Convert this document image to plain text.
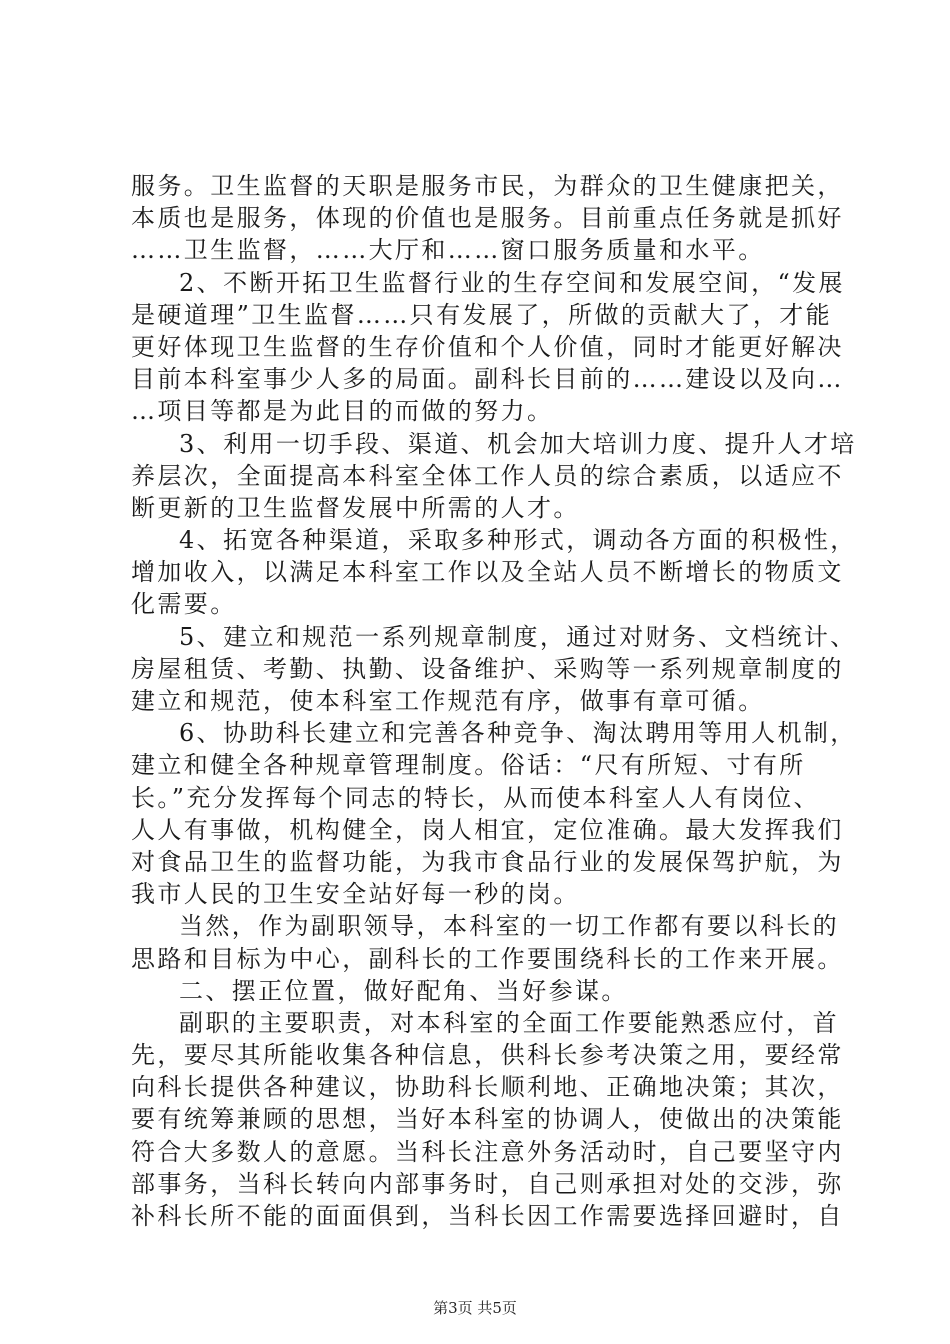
服务。卫生监督的天职是服务市民，为群众的卫生健康把关，
本质也是服务，体现的价值也是服务。目前重点任务就是抓好
……卫生监督，……大厅和……窗口服务质量和水平。
2、不断开拓卫生监督行业的生存空间和发展空间，“发展
是硬道理”卫生监督……只有发展了，所做的贡献大了，才能
更好体现卫生监督的生存价值和个人价值，同时才能更好解决
目前本科室事少人多的局面。副科长目前的……建设以及向…
…项目等都是为此目的而做的努力。
3、利用一切手段、渠道、机会加大培训力度、提升人才培
养层次，全面提高本科室全体工作人员的综合素质，以适应不
断更新的卫生监督发展中所需的人才。
4、拓宽各种渠道，采取多种形式，调动各方面的积极性，
增加收入，以满足本科室工作以及全站人员不断增长的物质文
化需要。
5、建立和规范一系列规章制度，通过对财务、文档统计、
房屋租赁、考勤、执勤、设备维护、采购等一系列规章制度的
建立和规范，使本科室工作规范有序，做事有章可循。
6、协助科长建立和完善各种竞争、淘汰聘用等用人机制，
建立和健全各种规章管理制度。俗话：“尺有所短、寸有所
长。”充分发挥每个同志的特长，从而使本科室人人有岗位、
人人有事做，机构健全，岗人相宜，定位准确。最大发挥我们
对食品卫生的监督功能，为我市食品行业的发展保驾护航，为
我市人民的卫生安全站好每一秒的岗。
当然，作为副职领导，本科室的一切工作都有要以科长的
思路和目标为中心，副科长的工作要围绕科长的工作来开展。
二、摆正位置，做好配角、当好参谋。
副职的主要职责，对本科室的全面工作要能熟悉应付，首
先，要尽其所能收集各种信息，供科长参考决策之用，要经常
向科长提供各种建议，协助科长顺利地、正确地决策；其次，
要有统筹兼顾的思想，当好本科室的协调人，使做出的决策能
符合大多数人的意愿。当科长注意外务活动时，自己要坚守内
部事务，当科长转向内部事务时，自己则承担对处的交涉，弥
补科长所不能的面面俱到，当科长因工作需要选择回避时，自
第3页 共5页
